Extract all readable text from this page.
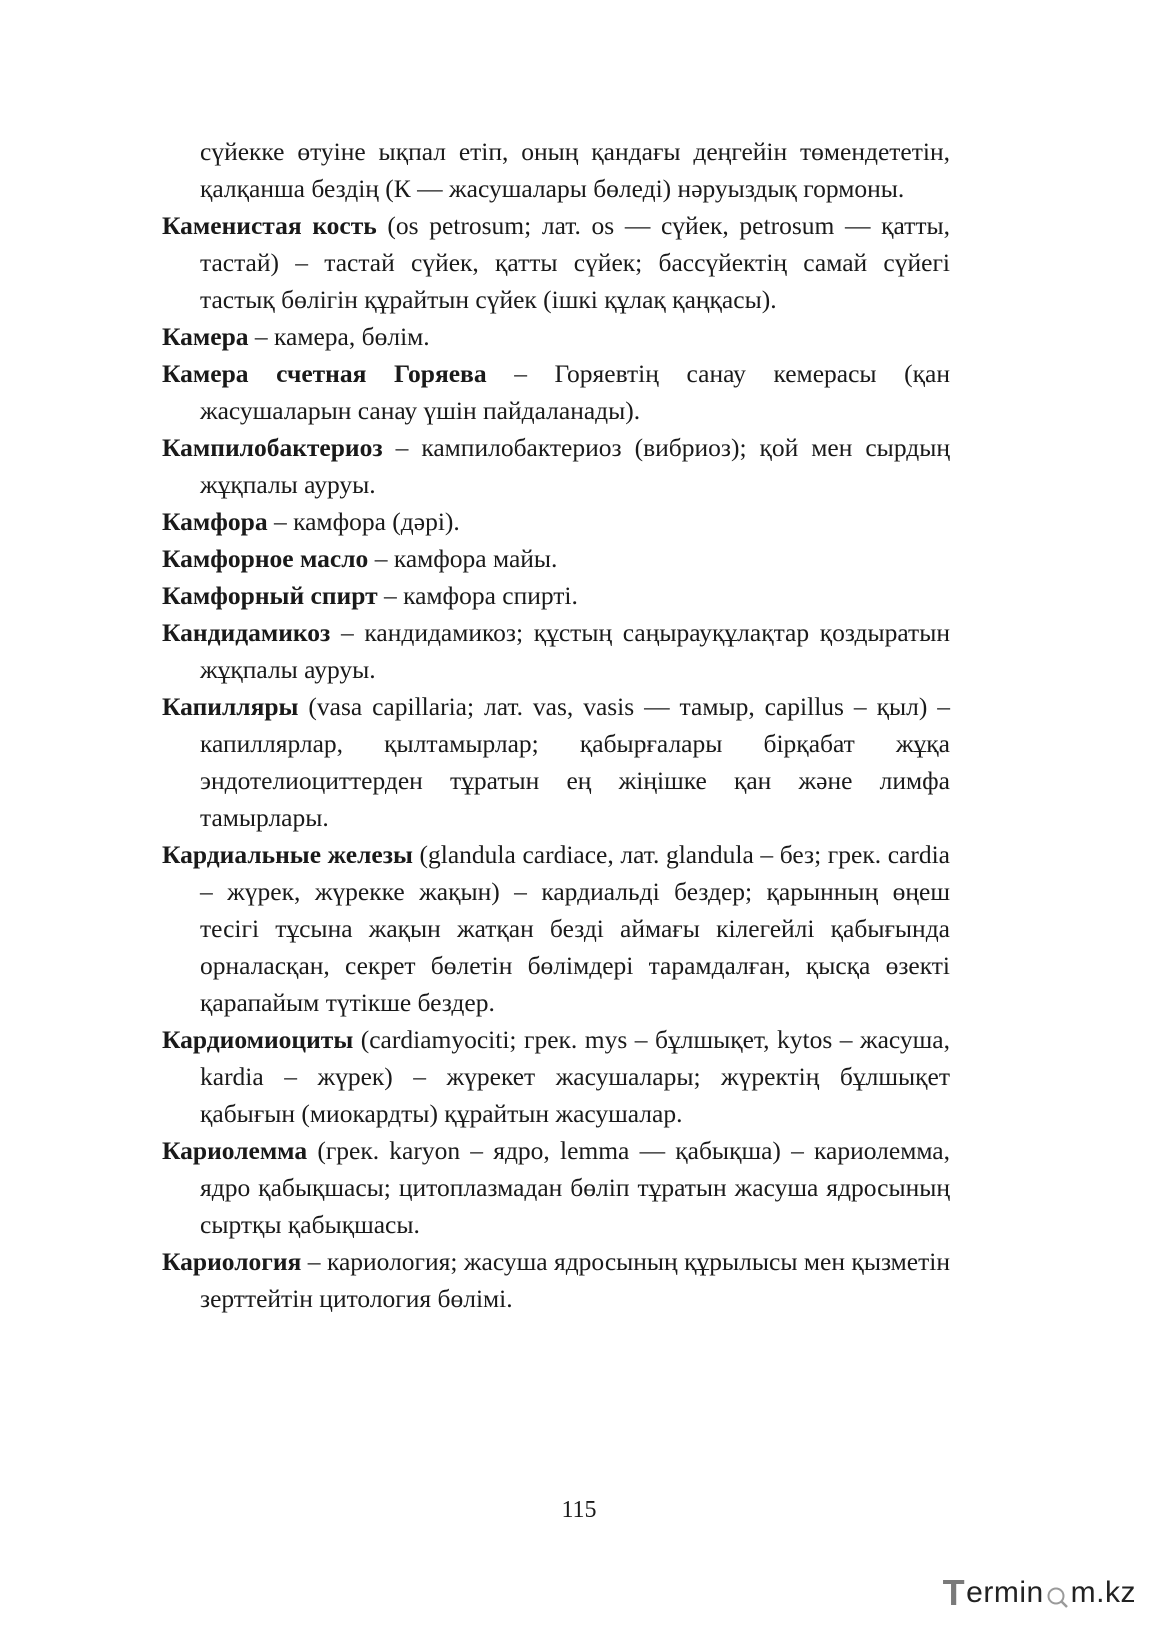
сүйекке өтуіне ықпал етіп, оның қандағы деңгейін төмендететін, қалқанша бездің (К — жасушалары бөледі) нәруыздық гормоны.

Каменистая кость (os petrosum; лат. os — сүйек, petrosum — қатты, тастай) – тастай сүйек, қатты сүйек; бассүйектің самай сүйегі тастық бөлігін құрайтын сүйек (ішкі құлақ қаңқасы).

Камера – камера, бөлім.

Камера счетная Горяева – Горяевтің санау кемерасы (қан жасушаларын санау үшін пайдаланады).

Кампилобактериоз – кампилобактериоз (вибриоз); қой мен сырдың жұқпалы ауруы.

Камфора – камфора (дәрі).

Камфорное масло – камфора майы.

Камфорный спирт – камфора спирті.

Кандидамикоз – кандидамикоз; құстың саңырауқұлақтар қоздыратын жұқпалы ауруы.

Капилляры (vasa capillaria; лат. vas, vasis — тамыр, capillus – қыл) – капиллярлар, қылтамырлар; қабырғалары бірқабат жұқа эндотелиоциттерден тұратын ең жіңішке қан және лимфа тамырлары.

Кардиальные железы (glandula cardiace, лат. glandula – без; грек. cardia – жүрек, жүрекке жақын) – кардиальді бездер; қарынның өңеш тесігі тұсына жақын жатқан безді аймағы кілегейлі қабығында орналасқан, секрет бөлетін бөлімдері тарамдалған, қысқа өзекті қарапайым түтікше бездер.

Кардиомиоциты (cardiamyociti; грек. mys – бұлшықет, kytos – жасуша, kardia – жүрек) – жүрекет жасушалары; жүректің бұлшықет қабығын (миокардты) құрайтын жасушалар.

Кариолемма (грек. karyon – ядро, lemma — қабықша) – кариолемма, ядро қабықшасы; цитоплазмадан бөліп тұратын жасуша ядросының сыртқы қабықшасы.

Кариология – кариология; жасуша ядросының құрылысы мен қызметін зерттейтін цитология бөлімі.

115
T ermin m.kz
